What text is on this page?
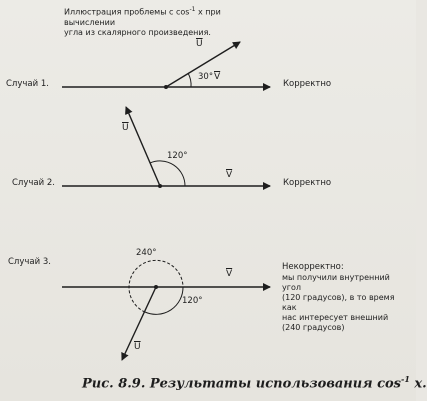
Иллюстрация проблемы с $\cos^{-1} x$ при вычислении
угла из скалярного произведения.
Случай 1.
30°
$\overline{U}$
$\overline{V}$
Корректно
Случай 2.
120°
$\overline{U}$
$\overline{V}$
Корректно
Случай 3.
240°
120°
$\overline{V}$
$\overline{U}$
Некорректно:
мы получили внутренний угол
(120 градусов), в то время как
нас интересует внешний
(240 градусов)
Рис. 8.9. Результаты использования $\cos^{-1} x$.
